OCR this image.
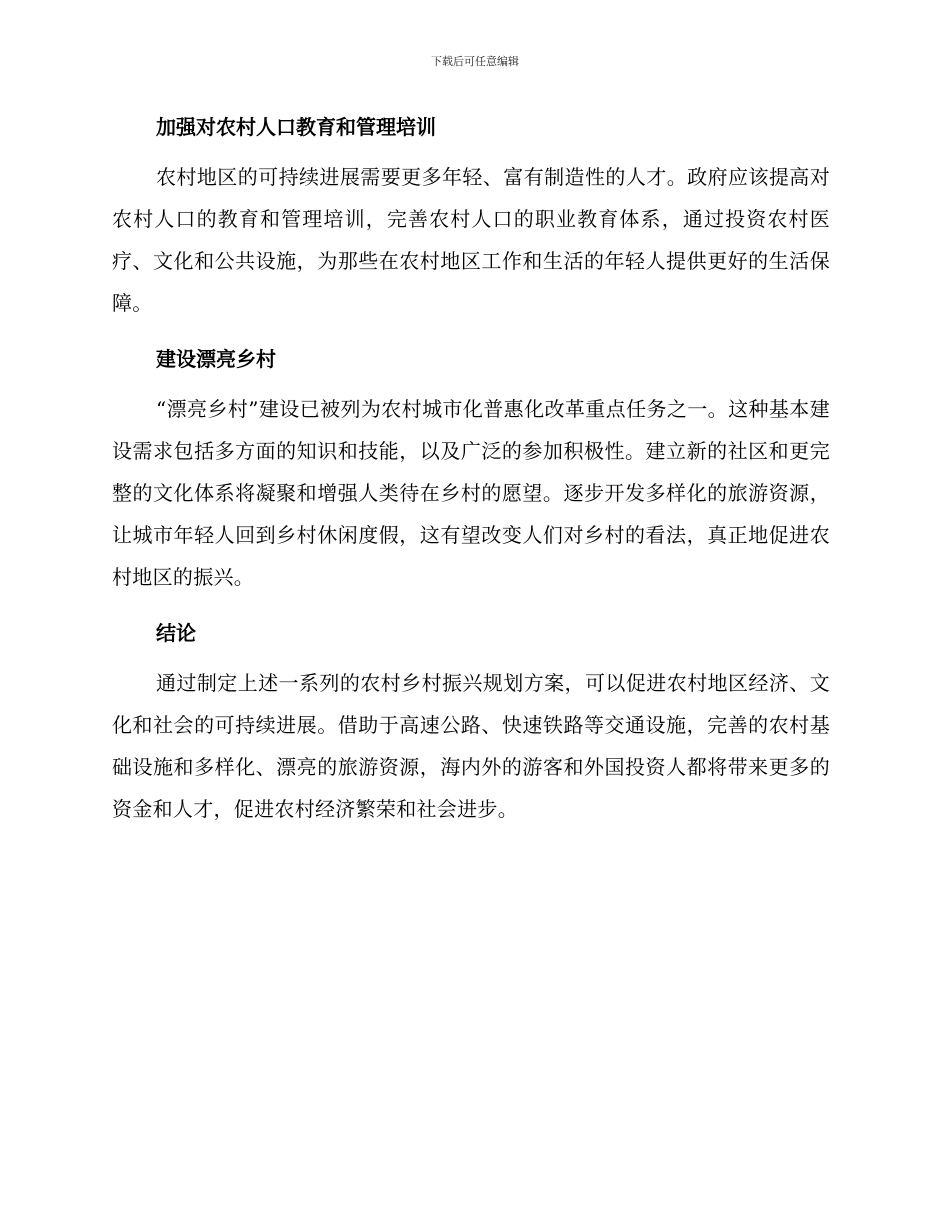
下载后可任意编辑
加强对农村人口教育和管理培训

农村地区的可持续进展需要更多年轻、富有制造性的人才。政府应该提高对农村人口的教育和管理培训，完善农村人口的职业教育体系，通过投资农村医疗、文化和公共设施，为那些在农村地区工作和生活的年轻人提供更好的生活保障。

建设漂亮乡村

“漂亮乡村”建设已被列为农村城市化普惠化改革重点任务之一。这种基本建设需求包括多方面的知识和技能，以及广泛的参加积极性。建立新的社区和更完整的文化体系将凝聚和增强人类待在乡村的愿望。逐步开发多样化的旅游资源，让城市年轻人回到乡村休闲度假，这有望改变人们对乡村的看法，真正地促进农村地区的振兴。

结论

通过制定上述一系列的农村乡村振兴规划方案，可以促进农村地区经济、文化和社会的可持续进展。借助于高速公路、快速铁路等交通设施，完善的农村基础设施和多样化、漂亮的旅游资源，海内外的游客和外国投资人都将带来更多的资金和人才，促进农村经济繁荣和社会进步。
